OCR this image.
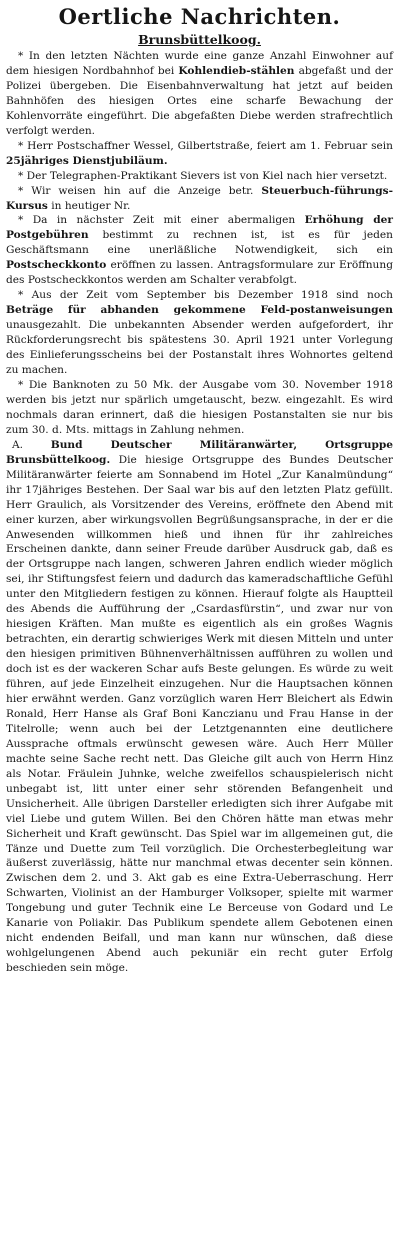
Oertliche Nachrichten.
Brunsbüttelkoog.

* In den letzten Nächten wurde eine ganze Anzahl Einwohner auf dem hiesigen Nordbahnhof bei Kohlendieb-stählen abgefaßt und der Polizei übergeben. Die Eisenbahnverwaltung hat jetzt auf beiden Bahnhöfen des hiesigen Ortes eine scharfe Bewachung der Kohlenvorräte eingeführt. Die abgefaßten Diebe werden strafrechtlich verfolgt werden.

* Herr Postschaffner Wessel, Gilbertstraße, feiert am 1. Februar sein 25jähriges Dienstjubiläum.

* Der Telegraphen-Praktikant Sievers ist von Kiel nach hier versetzt.

* Wir weisen hin auf die Anzeige betr. Steuerbuch-führungs-Kursus in heutiger Nr.

* Da in nächster Zeit mit einer abermaligen Erhöhung der Postgebühren bestimmt zu rechnen ist, ist es für jeden Geschäftsmann eine unerläßliche Notwendigkeit, sich ein Postscheckkonto eröffnen zu lassen. Antragsformulare zur Eröffnung des Postscheckkontos werden am Schalter verabfolgt.

* Aus der Zeit vom September bis Dezember 1918 sind noch Beträge für abhanden gekommene Feld-postanweisungen unausgezahlt. Die unbekannten Absender werden aufgefordert, ihr Rückforderungsrecht bis spätestens 30. April 1921 unter Vorlegung des Einlieferungsscheins bei der Postanstalt ihres Wohnortes geltend zu machen.

* Die Banknoten zu 50 Mk. der Ausgabe vom 30. November 1918 werden bis jetzt nur spärlich umgetauscht, bezw. eingezahlt. Es wird nochmals daran erinnert, daß die hiesigen Postanstalten sie nur bis zum 30. d. Mts. mittags in Zahlung nehmen.

A. Bund Deutscher Militäranwärter, Ortsgruppe Brunsbüttelkoog. Die hiesige Ortsgruppe des Bundes Deutscher Militäranwärter feierte am Sonnabend im Hotel „Zur Kanalmündung“ ihr 17jähriges Bestehen. Der Saal war bis auf den letzten Platz gefüllt. Herr Graulich, als Vorsitzender des Vereins, eröffnete den Abend mit einer kurzen, aber wirkungsvollen Begrüßungsansprache, in der er die Anwesenden willkommen hieß und ihnen für ihr zahlreiches Erscheinen dankte, dann seiner Freude darüber Ausdruck gab, daß es der Ortsgruppe nach langen, schweren Jahren endlich wieder möglich sei, ihr Stiftungsfest feiern und dadurch das kameradschaftliche Gefühl unter den Mitgliedern festigen zu können. Hierauf folgte als Hauptteil des Abends die Aufführung der „Csardasfürstin“, und zwar nur von hiesigen Kräften. Man mußte es eigentlich als ein großes Wagnis betrachten, ein derartig schwieriges Werk mit diesen Mitteln und unter den hiesigen primitiven Bühnenverhältnissen aufführen zu wollen und doch ist es der wackeren Schar aufs Beste gelungen. Es würde zu weit führen, auf jede Einzelheit einzugehen. Nur die Hauptsachen können hier erwähnt werden. Ganz vorzüglich waren Herr Bleichert als Edwin Ronald, Herr Hanse als Graf Boni Kanczianu und Frau Hanse in der Titelrolle; wenn auch bei der Letztgenannten eine deutlichere Aussprache oftmals erwünscht gewesen wäre. Auch Herr Müller machte seine Sache recht nett. Das Gleiche gilt auch von Herrn Hinz als Notar. Fräulein Juhnke, welche zweifellos schauspielerisch nicht unbegabt ist, litt unter einer sehr störenden Befangenheit und Unsicherheit. Alle übrigen Darsteller erledigten sich ihrer Aufgabe mit viel Liebe und gutem Willen. Bei den Chören hätte man etwas mehr Sicherheit und Kraft gewünscht. Das Spiel war im allgemeinen gut, die Tänze und Duette zum Teil vorzüglich. Die Orchesterbegleitung war äußerst zuverlässig, hätte nur manchmal etwas decenter sein können. Zwischen dem 2. und 3. Akt gab es eine Extra-Ueberraschung. Herr Schwarten, Violinist an der Hamburger Volksoper, spielte mit warmer Tongebung und guter Technik eine Le Berceuse von Godard und Le Kanarie von Poliakir. Das Publikum spendete allem Gebotenen einen nicht endenden Beifall, und man kann nur wünschen, daß diese wohlgelungenen Abend auch pekuniär ein recht guter Erfolg beschieden sein möge.
